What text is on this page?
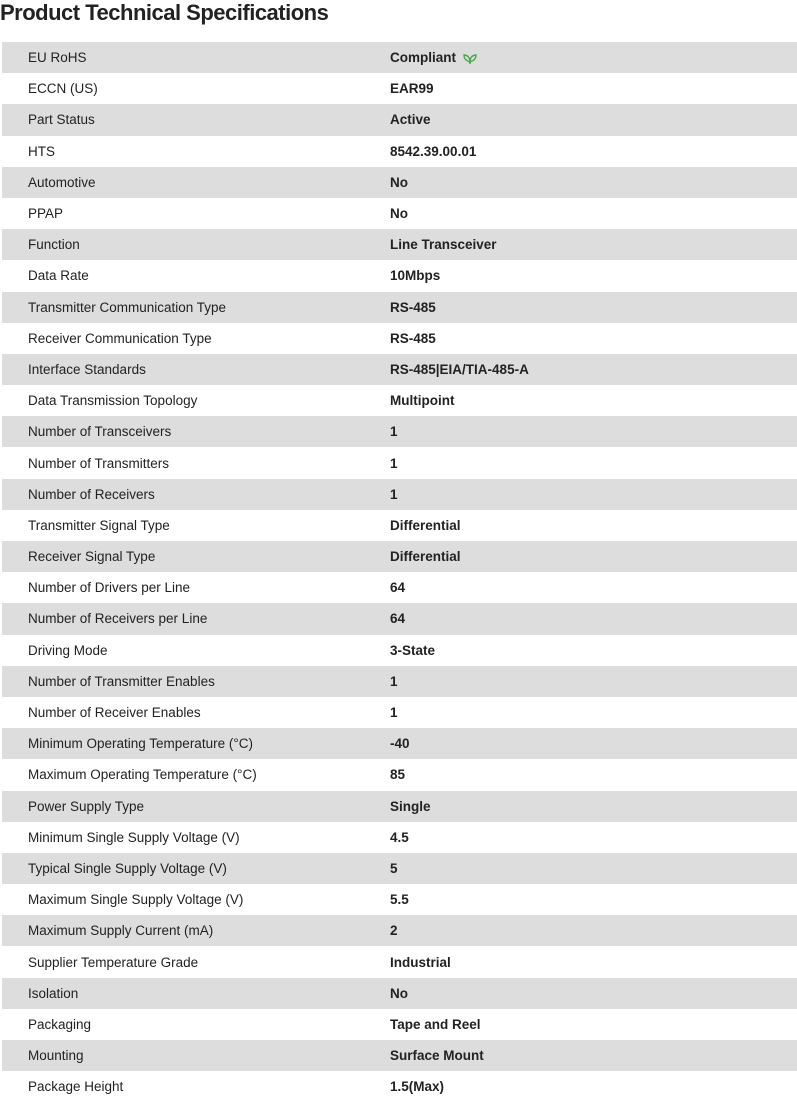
Product Technical Specifications
EU RoHS	Compliant
ECCN (US)	EAR99
Part Status	Active
HTS	8542.39.00.01
Automotive	No
PPAP	No
Function	Line Transceiver
Data Rate	10Mbps
Transmitter Communication Type	RS-485
Receiver Communication Type	RS-485
Interface Standards	RS-485|EIA/TIA-485-A
Data Transmission Topology	Multipoint
Number of Transceivers	1
Number of Transmitters	1
Number of Receivers	1
Transmitter Signal Type	Differential
Receiver Signal Type	Differential
Number of Drivers per Line	64
Number of Receivers per Line	64
Driving Mode	3-State
Number of Transmitter Enables	1
Number of Receiver Enables	1
Minimum Operating Temperature (°C)	-40
Maximum Operating Temperature (°C)	85
Power Supply Type	Single
Minimum Single Supply Voltage (V)	4.5
Typical Single Supply Voltage (V)	5
Maximum Single Supply Voltage (V)	5.5
Maximum Supply Current (mA)	2
Supplier Temperature Grade	Industrial
Isolation	No
Packaging	Tape and Reel
Mounting	Surface Mount
Package Height	1.5(Max)
